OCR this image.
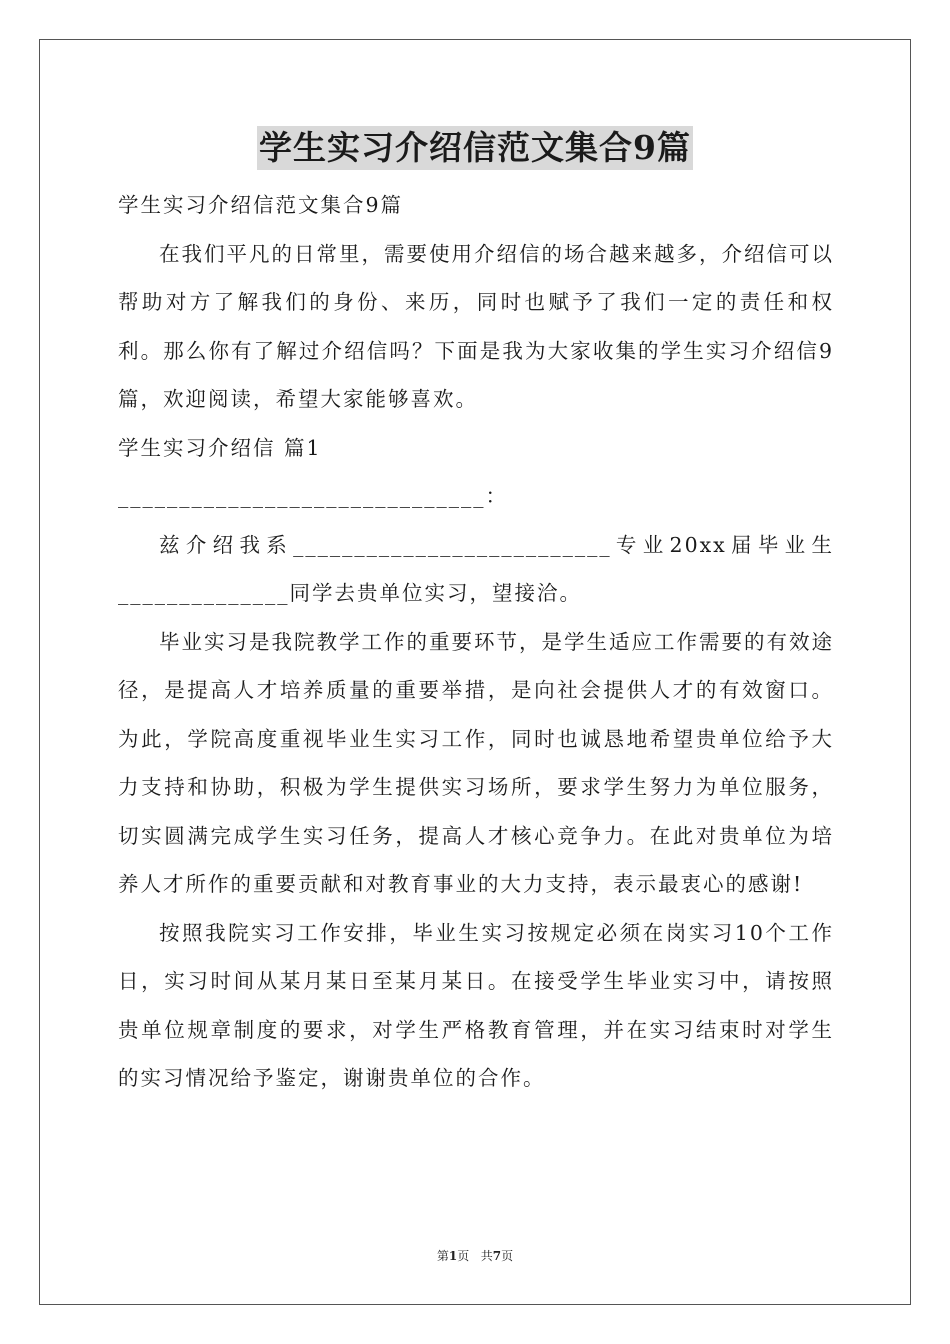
学生实习介绍信范文集合9篇

学生实习介绍信范文集合9篇

在我们平凡的日常里，需要使用介绍信的场合越来越多，介绍信可以帮助对方了解我们的身份、来历，同时也赋予了我们一定的责任和权利。那么你有了解过介绍信吗？下面是我为大家收集的学生实习介绍信9篇，欢迎阅读，希望大家能够喜欢。

学生实习介绍信 篇1

______________________________：

兹介绍我系__________________________专业20xx届毕业生______________同学去贵单位实习，望接洽。

毕业实习是我院教学工作的重要环节，是学生适应工作需要的有效途径，是提高人才培养质量的重要举措，是向社会提供人才的有效窗口。为此，学院高度重视毕业生实习工作，同时也诚恳地希望贵单位给予大力支持和协助，积极为学生提供实习场所，要求学生努力为单位服务，切实圆满完成学生实习任务，提高人才核心竞争力。在此对贵单位为培养人才所作的重要贡献和对教育事业的大力支持，表示最衷心的感谢!

按照我院实习工作安排，毕业生实习按规定必须在岗实习10个工作日，实习时间从某月某日至某月某日。在接受学生毕业实习中，请按照贵单位规章制度的要求，对学生严格教育管理，并在实习结束时对学生的实习情况给予鉴定，谢谢贵单位的合作。

第1页 共7页
